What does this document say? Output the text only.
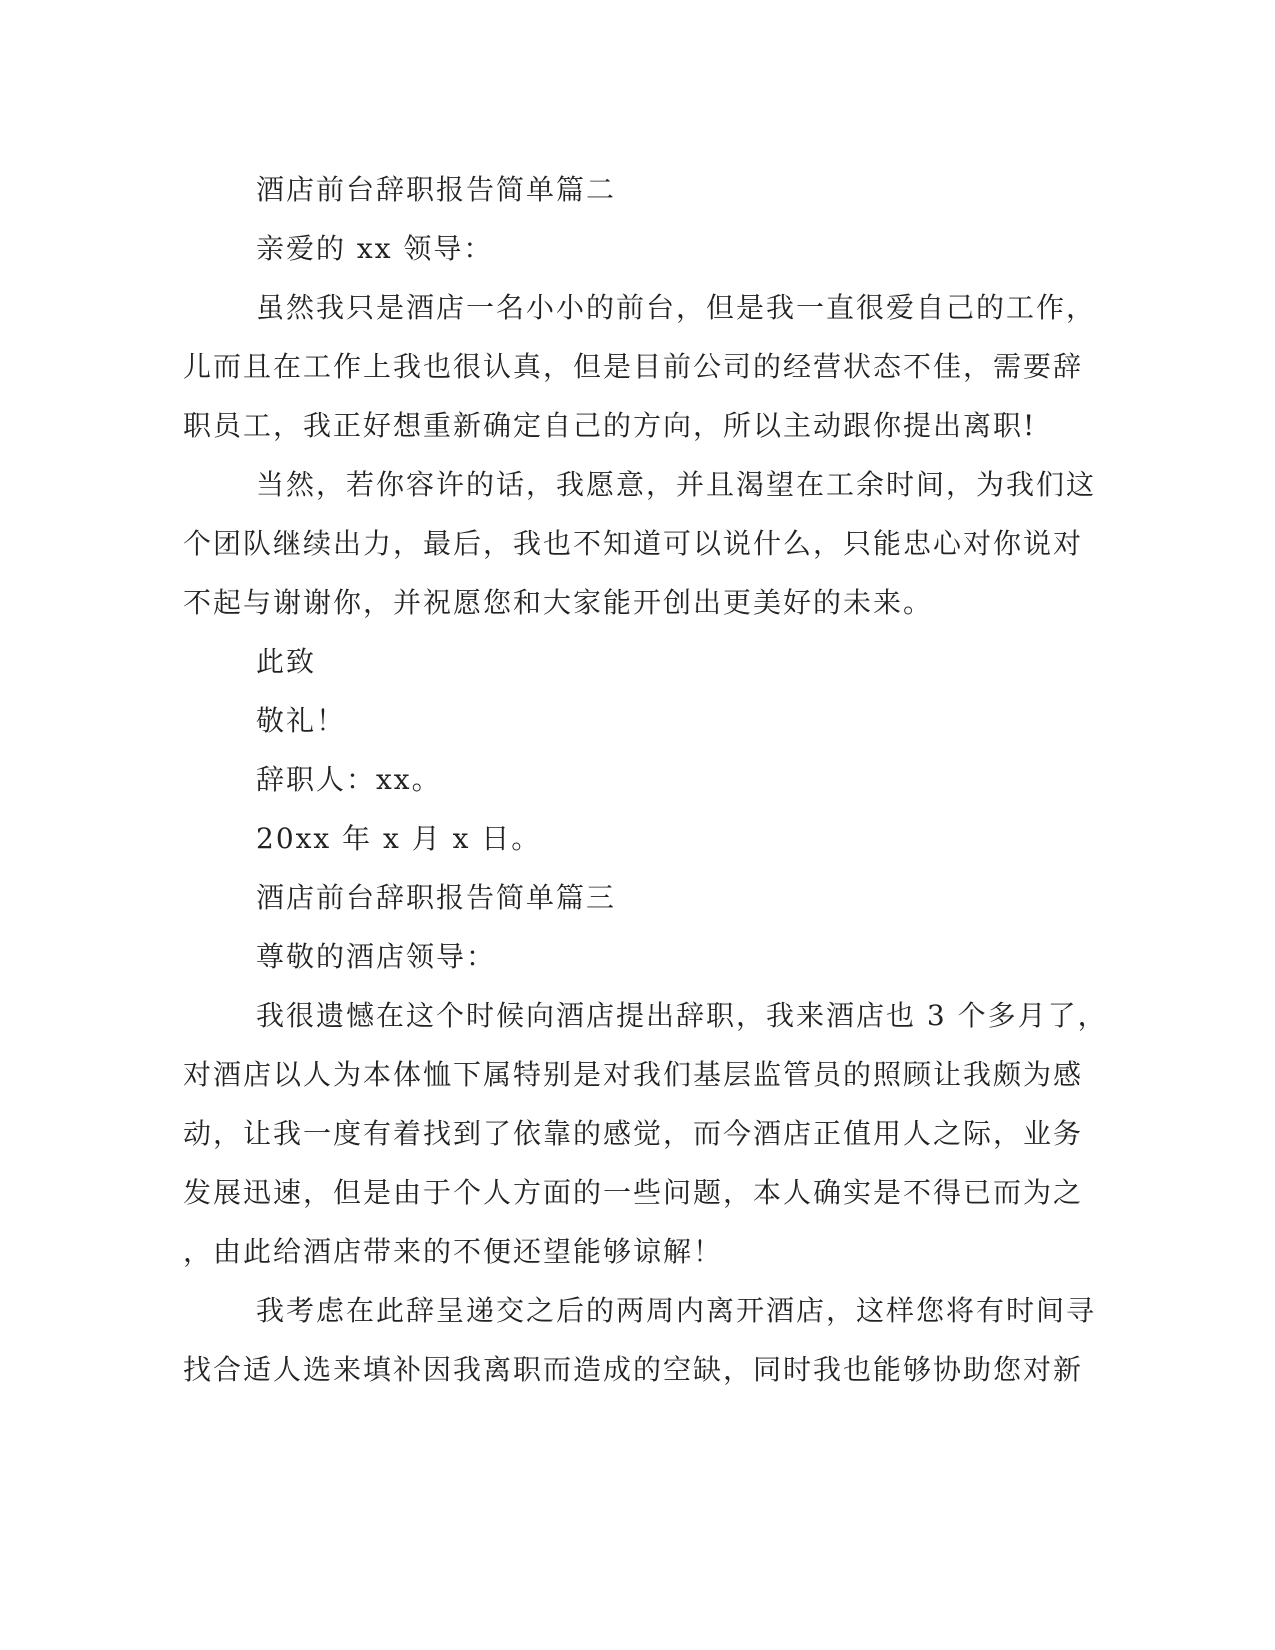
酒店前台辞职报告简单篇二
亲爱的 xx 领导：
虽然我只是酒店一名小小的前台，但是我一直很爱自己的工作，
儿而且在工作上我也很认真，但是目前公司的经营状态不佳，需要辞
职员工，我正好想重新确定自己的方向，所以主动跟你提出离职!
当然，若你容许的话，我愿意，并且渴望在工余时间，为我们这
个团队继续出力，最后，我也不知道可以说什么，只能忠心对你说对
不起与谢谢你，并祝愿您和大家能开创出更美好的未来。
此致
敬礼！
辞职人：xx。
20xx 年 x 月 x 日。
酒店前台辞职报告简单篇三
尊敬的酒店领导：
我很遗憾在这个时候向酒店提出辞职，我来酒店也 3 个多月了，
对酒店以人为本体恤下属特别是对我们基层监管员的照顾让我颇为感
动，让我一度有着找到了依靠的感觉，而今酒店正值用人之际，业务
发展迅速，但是由于个人方面的一些问题，本人确实是不得已而为之
，由此给酒店带来的不便还望能够谅解！
我考虑在此辞呈递交之后的两周内离开酒店，这样您将有时间寻
找合适人选来填补因我离职而造成的空缺，同时我也能够协助您对新
